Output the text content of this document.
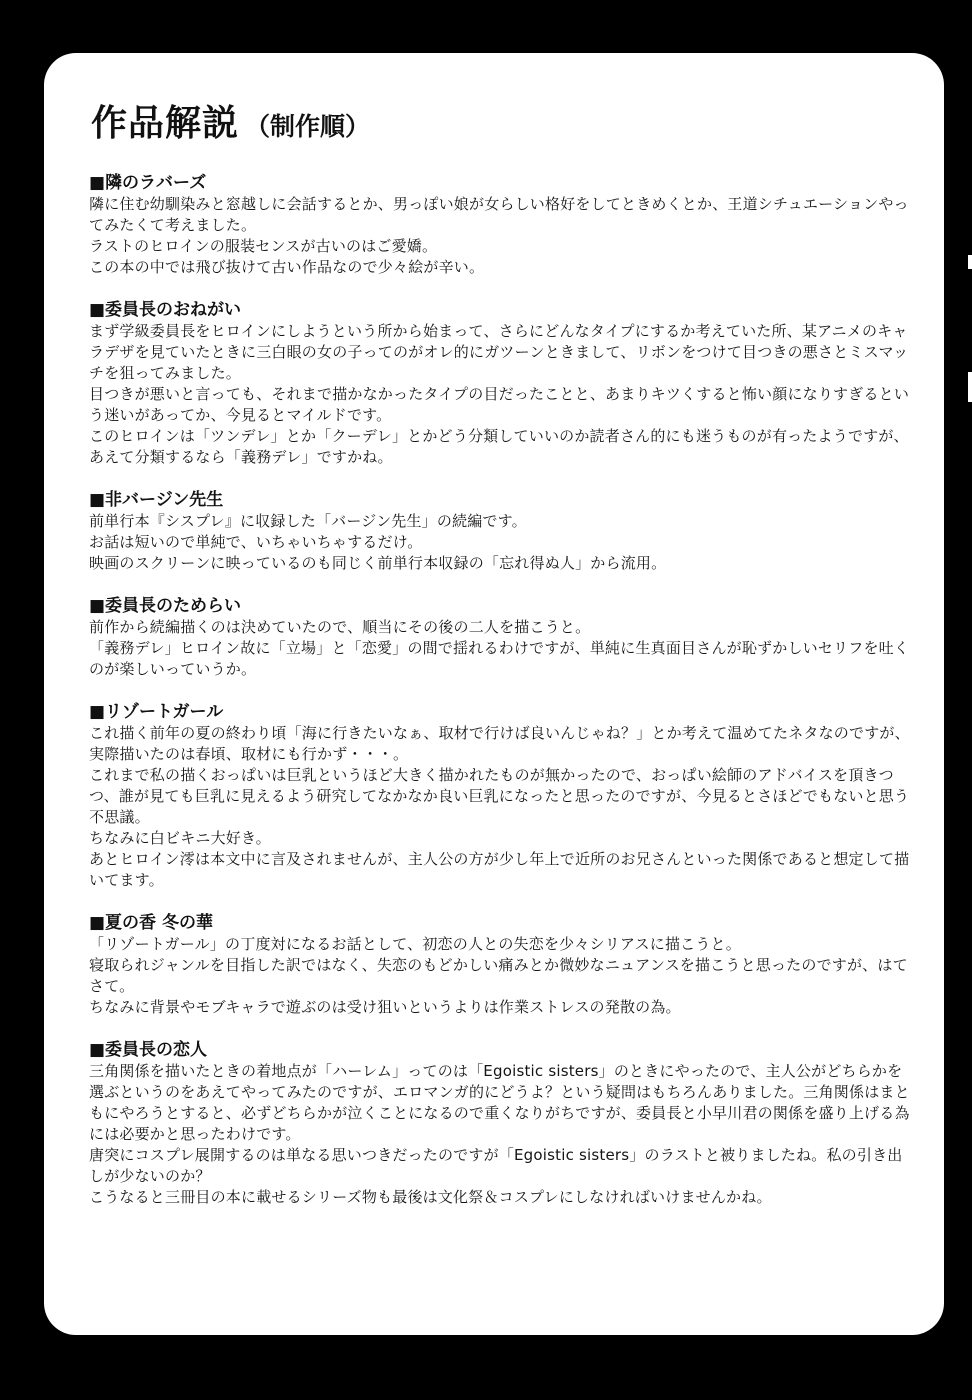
作品解説 （制作順）

■隣のラバーズ

隣に住む幼馴染みと窓越しに会話するとか、男っぽい娘が女らしい格好をしてときめくとか、王道シチュエーションやってみたくて考えました。

ラストのヒロインの服装センスが古いのはご愛嬌。

この本の中では飛び抜けて古い作品なので少々絵が辛い。

■委員長のおねがい

まず学級委員長をヒロインにしようという所から始まって、さらにどんなタイプにするか考えていた所、某アニメのキャラデザを見ていたときに三白眼の女の子ってのがオレ的にガツーンときまして、リボンをつけて目つきの悪さとミスマッチを狙ってみました。

目つきが悪いと言っても、それまで描かなかったタイプの目だったことと、あまりキツくすると怖い顔になりすぎるという迷いがあってか、今見るとマイルドです。

このヒロインは「ツンデレ」とか「クーデレ」とかどう分類していいのか読者さん的にも迷うものが有ったようですが、あえて分類するなら「義務デレ」ですかね。

■非バージン先生

前単行本『シスプレ』に収録した「バージン先生」の続編です。

お話は短いので単純で、いちゃいちゃするだけ。

映画のスクリーンに映っているのも同じく前単行本収録の「忘れ得ぬ人」から流用。

■委員長のためらい

前作から続編描くのは決めていたので、順当にその後の二人を描こうと。

「義務デレ」ヒロイン故に「立場」と「恋愛」の間で揺れるわけですが、単純に生真面目さんが恥ずかしいセリフを吐くのが楽しいっていうか。

■リゾートガール

これ描く前年の夏の終わり頃「海に行きたいなぁ、取材で行けば良いんじゃね？」とか考えて温めてたネタなのですが、実際描いたのは春頃、取材にも行かず・・・。

これまで私の描くおっぱいは巨乳というほど大きく描かれたものが無かったので、おっぱい絵師のアドバイスを頂きつつ、誰が見ても巨乳に見えるよう研究してなかなか良い巨乳になったと思ったのですが、今見るとさほどでもないと思う不思議。

ちなみに白ビキニ大好き。

あとヒロイン澪は本文中に言及されませんが、主人公の方が少し年上で近所のお兄さんといった関係であると想定して描いてます。

■夏の香 冬の華

「リゾートガール」の丁度対になるお話として、初恋の人との失恋を少々シリアスに描こうと。

寝取られジャンルを目指した訳ではなく、失恋のもどかしい痛みとか微妙なニュアンスを描こうと思ったのですが、はてさて。

ちなみに背景やモブキャラで遊ぶのは受け狙いというよりは作業ストレスの発散の為。

■委員長の恋人

三角関係を描いたときの着地点が「ハーレム」ってのは「Egoistic sisters」のときにやったので、主人公がどちらかを選ぶというのをあえてやってみたのですが、エロマンガ的にどうよ？という疑問はもちろんありました。三角関係はまともにやろうとすると、必ずどちらかが泣くことになるので重くなりがちですが、委員長と小早川君の関係を盛り上げる為には必要かと思ったわけです。

唐突にコスプレ展開するのは単なる思いつきだったのですが「Egoistic sisters」のラストと被りましたね。私の引き出しが少ないのか？

こうなると三冊目の本に載せるシリーズ物も最後は文化祭＆コスプレにしなければいけませんかね。
